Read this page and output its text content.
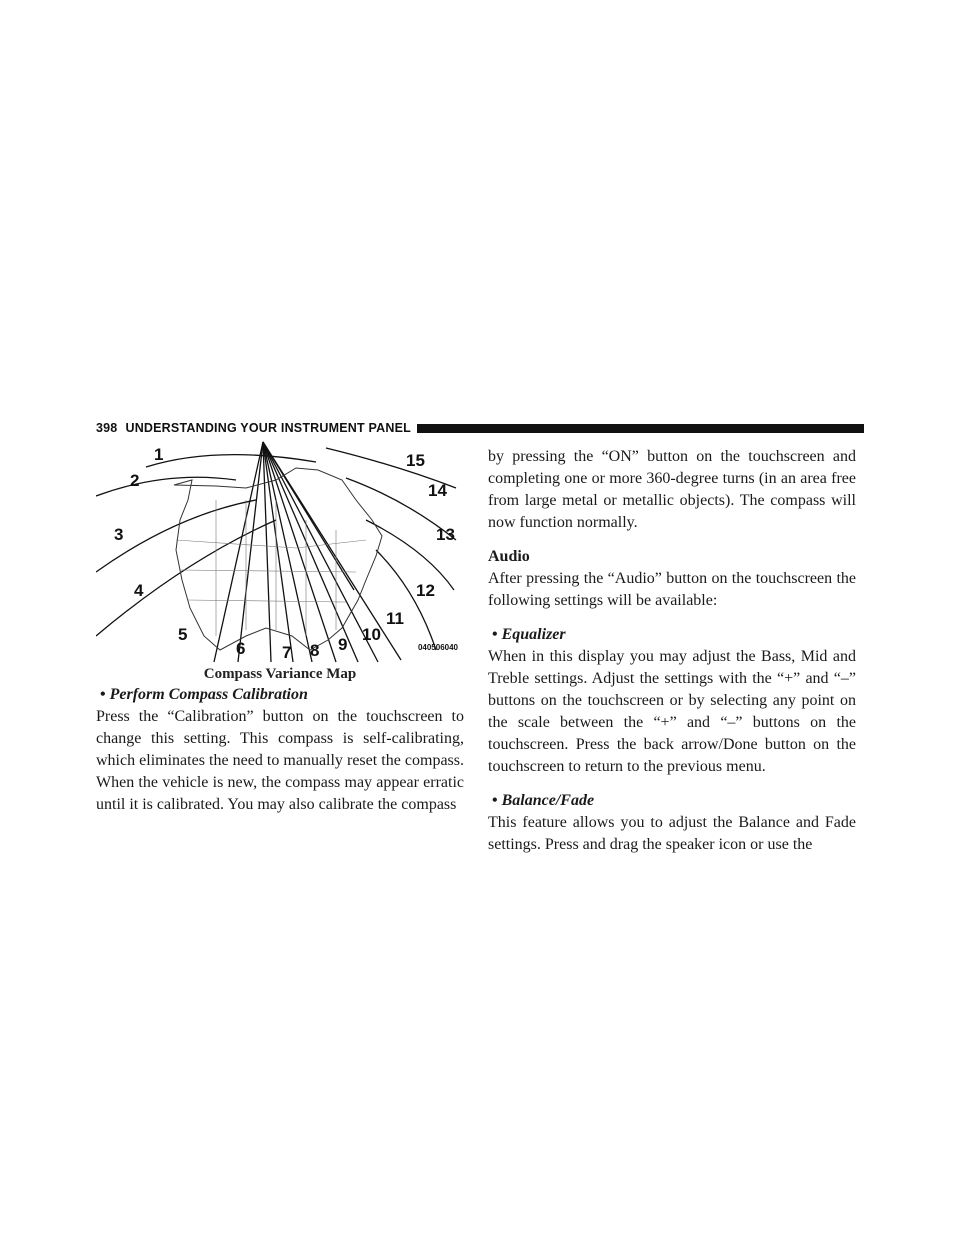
398 UNDERSTANDING YOUR INSTRUMENT PANEL
1
2
3
4
5
6 7 8 9
10
11
12
13
14
15
040506040
Compass Variance Map

• Perform Compass Calibration

Press the “Calibration” button on the touchscreen to change this setting. This compass is self-calibrating, which eliminates the need to manually reset the compass. When the vehicle is new, the compass may appear erratic until it is calibrated. You may also calibrate the compass

by pressing the “ON” button on the touchscreen and completing one or more 360-degree turns (in an area free from large metal or metallic objects). The compass will now function normally.

Audio

After pressing the “Audio” button on the touchscreen the following settings will be available:

• Equalizer

When in this display you may adjust the Bass, Mid and Treble settings. Adjust the settings with the “+” and “–” buttons on the touchscreen or by selecting any point on the scale between the “+” and “–” buttons on the touchscreen. Press the back arrow/Done button on the touchscreen to return to the previous menu.

• Balance/Fade

This feature allows you to adjust the Balance and Fade settings. Press and drag the speaker icon or use the
